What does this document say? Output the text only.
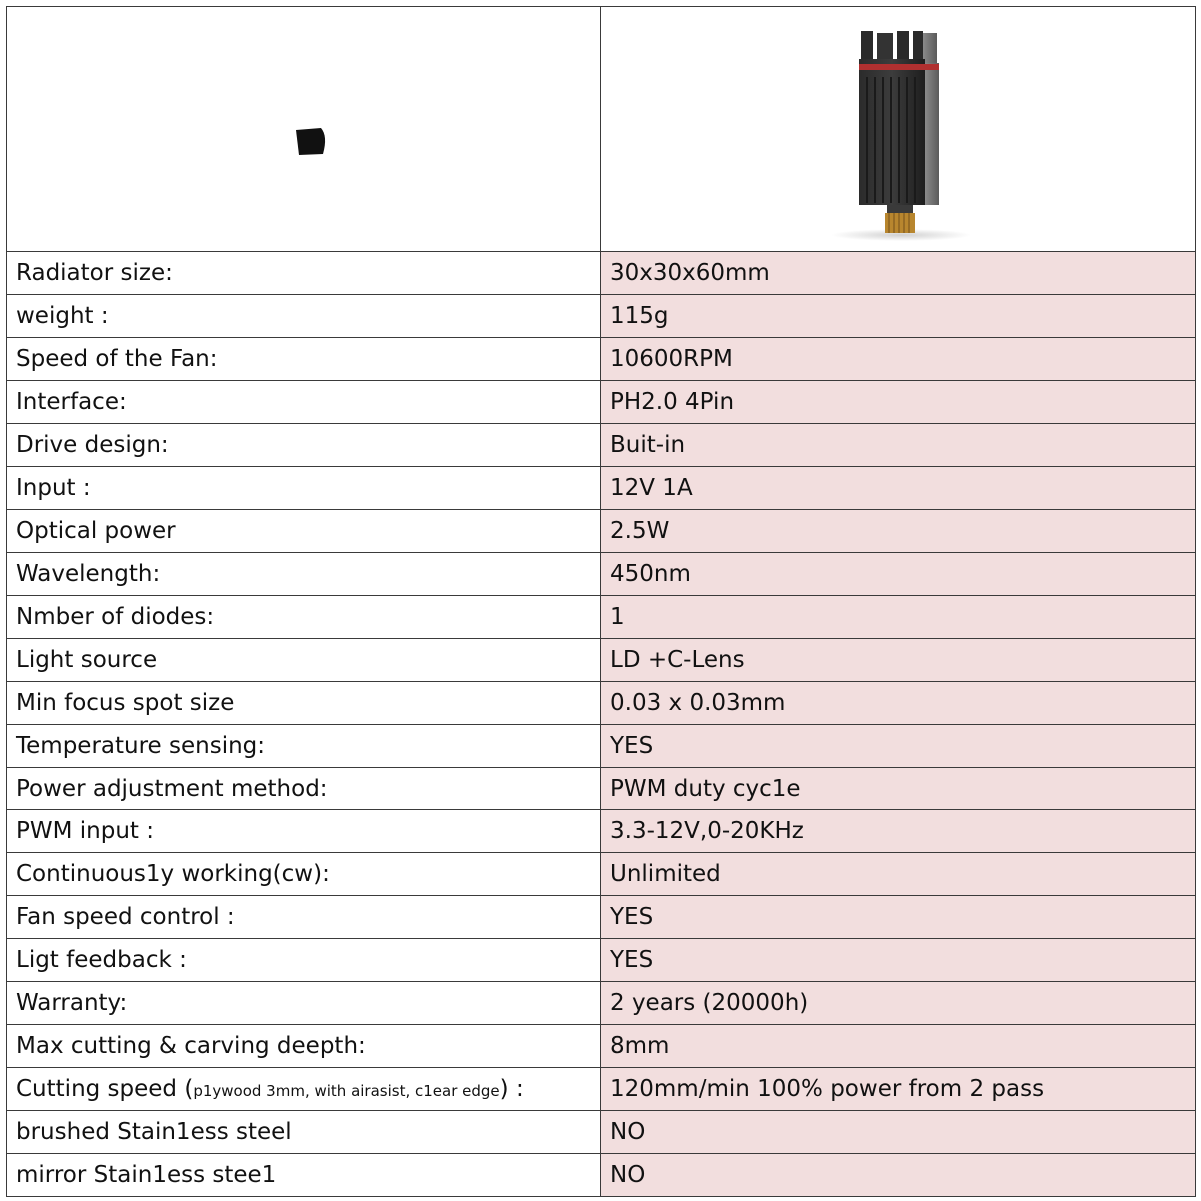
Radiator size:	30x30x60mm
weight :	115g
Speed of the Fan:	10600RPM
Interface:	PH2.0 4Pin
Drive design:	Buit-in
Input :	12V 1A
Optical power	2.5W
Wavelength:	450nm
Nmber of diodes:	1
Light source	LD +C-Lens
Min focus spot size	0.03 x 0.03mm
Temperature sensing:	YES
Power adjustment method:	PWM duty cyc1e
PWM input :	3.3-12V,0-20KHz
Continuous1y working(cw):	Unlimited
Fan speed control :	YES
Ligt feedback :	YES
Warranty:	2 years (20000h)
Max cutting & carving deepth:	8mm
Cutting speed (p1ywood 3mm, with airasist, c1ear edge) :	120mm/min 100% power from 2 pass
brushed Stain1ess steel	NO
mirror Stain1ess stee1	NO
